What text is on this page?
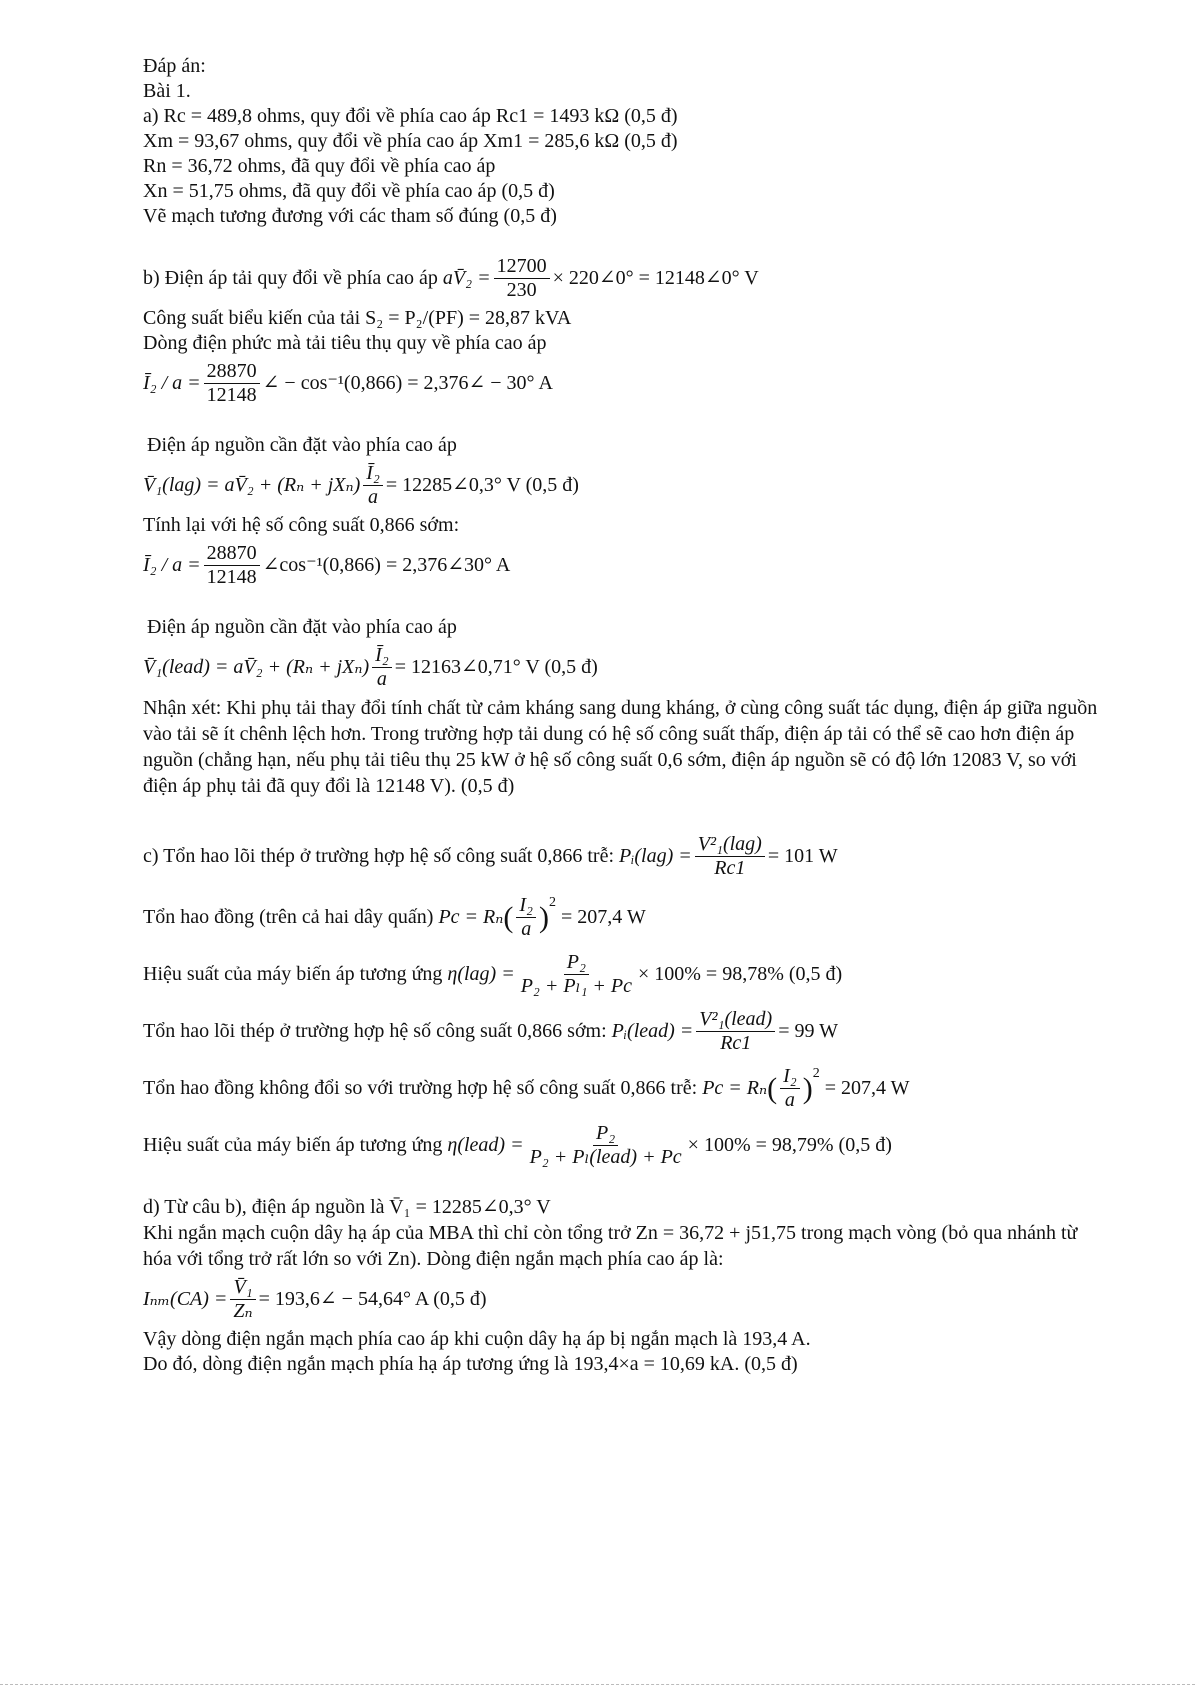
Đáp án:
Bài 1.
a) Rc = 489,8 ohms, quy đổi về phía cao áp Rc1 = 1493 kΩ (0,5 đ)
Xm = 93,67 ohms, quy đổi về phía cao áp Xm1 = 285,6 kΩ (0,5 đ)
Rn = 36,72 ohms, đã quy đổi về phía cao áp
Xn = 51,75 ohms, đã quy đổi về phía cao áp (0,5 đ)
Vẽ mạch tương đương với các tham số đúng (0,5 đ)
b) Điện áp tải quy đổi về phía cao áp
aV̄₂ = $\frac{12700}{230}$ × 220∠0° = 12148∠0° V
Công suất biểu kiến của tải S₂ = P₂/(PF) = 28,87 kVA
Dòng điện phức mà tải tiêu thụ quy về phía cao áp
Ī₂ / $a = \frac{28870}{12148}$ ∠ − cos⁻¹(0,866) = 2,376∠ − 30° A
Điện áp nguồn cần đặt vào phía cao áp
V̄₁(lag) = aV̄₂ + $(R_n + jX_n) \frac{\text{Ī₂}}{a}$ = 12285∠0,3° V (0,5 đ)
Tính lại với hệ số công suất 0,866 sớm:
Ī₂ / $a = \frac{28870}{12148}$ ∠cos⁻¹(0,866) = 2,376∠30° A
Điện áp nguồn cần đặt vào phía cao áp
V̄₁(lead) = aV̄₂ + $(R_n + jX_n) \frac{\text{Ī₂}}{a}$ = 12163∠0,71° V (0,5 đ)
Nhận xét: Khi phụ tải thay đổi tính chất từ cảm kháng sang dung kháng, ở cùng công suất tác dụng, điện áp giữa nguồn vào tải sẽ ít chênh lệch hơn. Trong trường hợp tải dung có hệ số công suất thấp, điện áp tải có thể sẽ cao hơn điện áp nguồn (chẳng hạn, nếu phụ tải tiêu thụ 25 kW ở hệ số công suất 0,6 sớm, điện áp nguồn sẽ có độ lớn 12083 V, so với điện áp phụ tải đã quy đổi là 12148 V). (0,5 đ)
c) Tổn hao lõi thép ở trường hợp hệ số công suất 0,866 trễ:
Pᵢ(lag) = $\frac{\text{V²₁(lag)}}{Rc1} = 101$ W
Tổn hao đồng (trên cả hai dây quấn)
Pc = Rₙ ( $\frac{\text{I₂}}{a} )^2$

= 207,4 W
Hiệu suất của máy biến áp tương ứng
$\eta(lag) = \frac{\text{P₂}}{\text{P₂ + Pₗ₁ + Pc}} \times 100\% = 98,78\%$ (0,5 đ)
Tổn hao lõi thép ở trường hợp hệ số công suất 0,866 sớm:
Pᵢ(lead) = $\frac{\text{V²₁(lead)}}{Rc1} = 99$ W
Tổn hao đồng không đổi so với trường hợp hệ số công suất 0,866 trễ:
Pc = Rₙ ( $\frac{\text{I₂}}{a} )^2$

= 207,4 W
Hiệu suất của máy biến áp tương ứng
η(lead) = $\frac{\text{P₂}}{\text{P₂ + Pₗ(lead) + Pc}} \times 100\% = 98,79\%$ (0,5 đ)
d) Từ câu b), điện áp nguồn là V̄₁ = 12285∠0,3° V
Khi ngắn mạch cuộn dây hạ áp của MBA thì chỉ còn tổng trở Zn = 36,72 + j51,75 trong mạch vòng (bỏ qua nhánh từ hóa với tổng trở rất lớn so với Zn). Dòng điện ngắn mạch phía cao áp là:
$I_{nm}(CA) = \frac{\text{V̄₁}}{\text{Zₙ}}$ = 193,6∠ − 54,64° A (0,5 đ)
Vậy dòng điện ngắn mạch phía cao áp khi cuộn dây hạ áp bị ngắn mạch là 193,4 A.
Do đó, dòng điện ngắn mạch phía hạ áp tương ứng là 193,4×a = 10,69 kA. (0,5 đ)
